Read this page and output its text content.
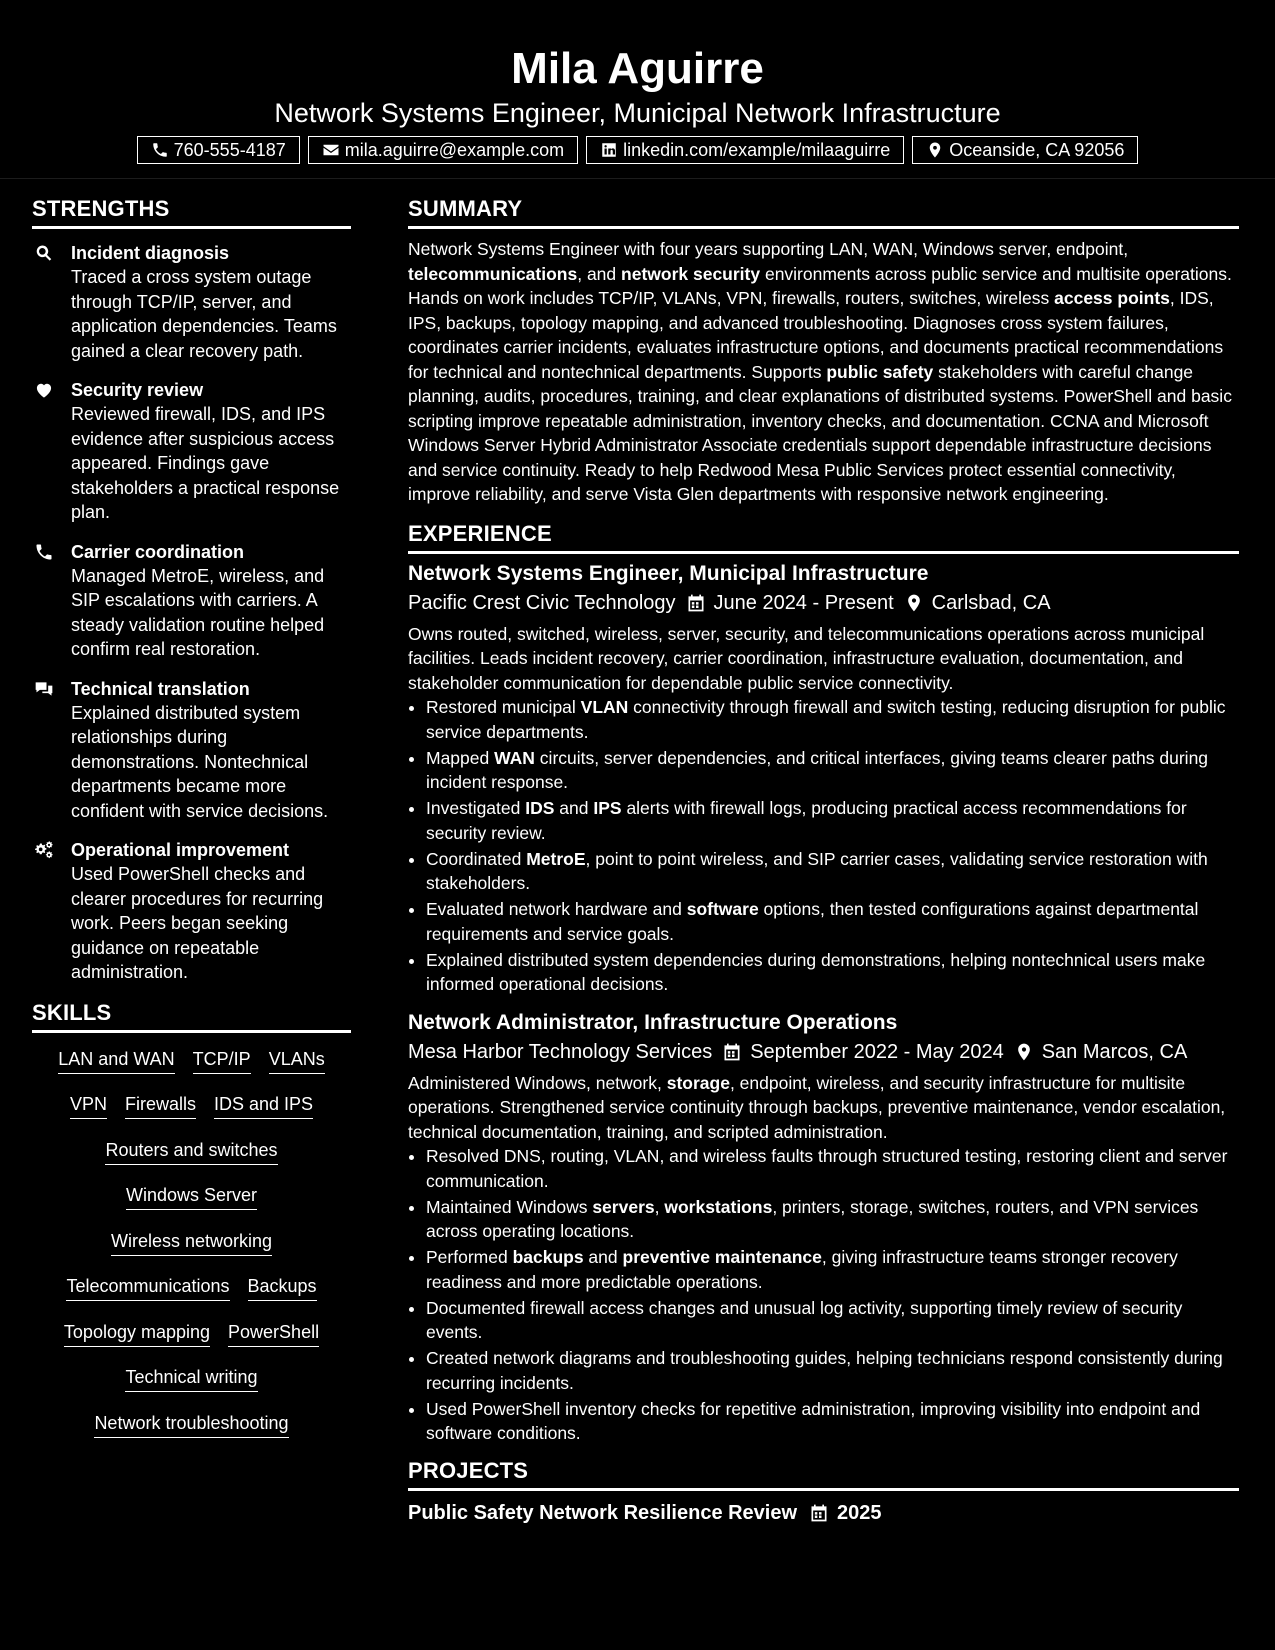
Mila Aguirre
Network Systems Engineer, Municipal Network Infrastructure
760-555-4187	mila.aguirre@example.com	linkedin.com/example/milaaguirre	Oceanside, CA 92056
STRENGTHS
Incident diagnosis
Traced a cross system outage through TCP/IP, server, and application dependencies. Teams gained a clear recovery path.
Security review
Reviewed firewall, IDS, and IPS evidence after suspicious access appeared. Findings gave stakeholders a practical response plan.
Carrier coordination
Managed MetroE, wireless, and SIP escalations with carriers. A steady validation routine helped confirm real restoration.
Technical translation
Explained distributed system relationships during demonstrations. Nontechnical departments became more confident with service decisions.
Operational improvement
Used PowerShell checks and clearer procedures for recurring work. Peers began seeking guidance on repeatable administration.
SKILLS
LAN and WAN TCP/IP VLANs
VPN Firewalls IDS and IPS
Routers and switches
Windows Server
Wireless networking
Telecommunications Backups
Topology mapping PowerShell
Technical writing
Network troubleshooting
SUMMARY

Network Systems Engineer with four years supporting LAN, WAN, Windows server, endpoint, telecommunications, and network security environments across public service and multisite operations. Hands on work includes TCP/IP, VLANs, VPN, firewalls, routers, switches, wireless access points, IDS, IPS, backups, topology mapping, and advanced troubleshooting. Diagnoses cross system failures, coordinates carrier incidents, evaluates infrastructure options, and documents practical recommendations for technical and nontechnical departments. Supports public safety stakeholders with careful change planning, audits, procedures, training, and clear explanations of distributed systems. PowerShell and basic scripting improve repeatable administration, inventory checks, and documentation. CCNA and Microsoft Windows Server Hybrid Administrator Associate credentials support dependable infrastructure decisions and service continuity. Ready to help Redwood Mesa Public Services protect essential connectivity, improve reliability, and serve Vista Glen departments with responsive network engineering.

EXPERIENCE
Network Systems Engineer, Municipal Infrastructure
Pacific Crest Civic Technology June 2024 - Present Carlsbad, CA
Owns routed, switched, wireless, server, security, and telecommunications operations across municipal facilities. Leads incident recovery, carrier coordination, infrastructure evaluation, documentation, and stakeholder communication for dependable public service connectivity.
• Restored municipal VLAN connectivity through firewall and switch testing, reducing disruption for public service departments.
• Mapped WAN circuits, server dependencies, and critical interfaces, giving teams clearer paths during incident response.
• Investigated IDS and IPS alerts with firewall logs, producing practical access recommendations for security review.
• Coordinated MetroE, point to point wireless, and SIP carrier cases, validating service restoration with stakeholders.
• Evaluated network hardware and software options, then tested configurations against departmental requirements and service goals.
• Explained distributed system dependencies during demonstrations, helping nontechnical users make informed operational decisions.
Network Administrator, Infrastructure Operations
Mesa Harbor Technology Services September 2022 - May 2024 San Marcos, CA
Administered Windows, network, storage, endpoint, wireless, and security infrastructure for multisite operations. Strengthened service continuity through backups, preventive maintenance, vendor escalation, technical documentation, training, and scripted administration.
• Resolved DNS, routing, VLAN, and wireless faults through structured testing, restoring client and server communication.
• Maintained Windows servers, workstations, printers, storage, switches, routers, and VPN services across operating locations.
• Performed backups and preventive maintenance, giving infrastructure teams stronger recovery readiness and more predictable operations.
• Documented firewall access changes and unusual log activity, supporting timely review of security events.
• Created network diagrams and troubleshooting guides, helping technicians respond consistently during recurring incidents.
• Used PowerShell inventory checks for repetitive administration, improving visibility into endpoint and software conditions.
PROJECTS
Public Safety Network Resilience Review 2025
